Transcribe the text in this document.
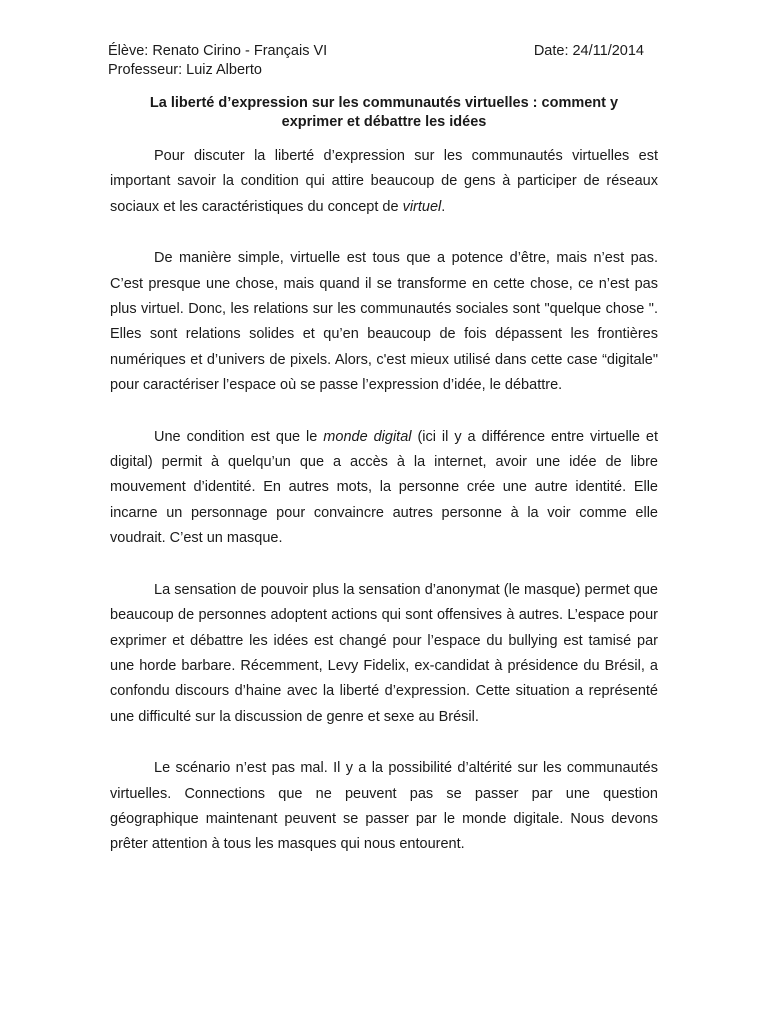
Élève: Renato Cirino - Français VI	Date: 24/11/2014
Professeur: Luiz Alberto
La liberté d’expression sur les communautés virtuelles : comment y
exprimer et débattre les idées

Pour discuter la liberté d’expression sur les communautés virtuelles est important savoir la condition qui attire beaucoup de gens à participer de réseaux sociaux et les caractéristiques du concept de virtuel.

De manière simple, virtuelle est tous que a potence d’être, mais n’est pas. C’est presque une chose, mais quand il se transforme en cette chose, ce n’est pas plus virtuel. Donc, les relations sur les communautés sociales sont "quelque chose ". Elles sont relations solides et qu’en beaucoup de fois dépassent les frontières numériques et d’univers de pixels. Alors, c'est mieux utilisé dans cette case “digitale" pour caractériser l’espace où se passe l’expression d’idée, le débattre.

Une condition est que le monde digital (ici il y a différence entre virtuelle et digital) permit à quelqu’un que a accès à la internet, avoir une idée de libre mouvement d’identité. En autres mots, la personne crée une autre identité. Elle incarne un personnage pour convaincre autres personne à la voir comme elle voudrait. C’est un masque.

La sensation de pouvoir plus la sensation d’anonymat (le masque) permet que beaucoup de personnes adoptent actions qui sont offensives à autres. L’espace pour exprimer et débattre les idées est changé pour l’espace du bullying est tamisé par une horde barbare. Récemment, Levy Fidelix, ex-candidat à présidence du Brésil, a confondu discours d’haine avec la liberté d’expression. Cette situation a représenté une difficulté sur la discussion de genre et sexe au Brésil.

Le scénario n’est pas mal. Il y a la possibilité d’altérité sur les communautés virtuelles. Connections que ne peuvent pas se passer par une question géographique maintenant peuvent se passer par le monde digitale. Nous devons prêter attention à tous les masques qui nous entourent.
